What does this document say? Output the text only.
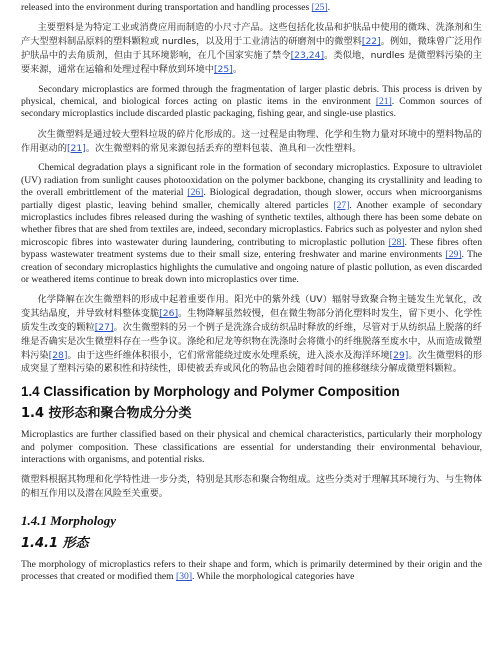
released into the environment during transportation and handling processes [25].

主要塑料是为特定工业或消费应用而制造的小尺寸产品。这些包括化妆品和护肤品中使用的微珠、洗涤剂和生产大型塑料制品原料的塑料颗粒或 nurdles，以及用于工业清洁的研磨剂中的微塑料[22]。例如，微珠曾广泛用作护肤品中的去角质剂，但由于其环境影响，在几个国家实施了禁令[23,24]。类似地，nurdles 是微塑料污染的主要来源，通常在运输和处理过程中释放到环境中[25]。

Secondary microplastics are formed through the fragmentation of larger plastic debris. This process is driven by physical, chemical, and biological forces acting on plastic items in the environment [21]. Common sources of secondary microplastics include discarded plastic packaging, fishing gear, and single-use plastics.

次生微塑料是通过较大塑料垃圾的碎片化形成的。这一过程是由物理、化学和生物力量对环境中的塑料物品的作用驱动的[21]。次生微塑料的常见来源包括丢弃的塑料包装、渔具和一次性塑料。

Chemical degradation plays a significant role in the formation of secondary microplastics. Exposure to ultraviolet (UV) radiation from sunlight causes photooxidation on the polymer backbone, changing its crystallinity and leading to the overall embrittlement of the material [26]. Biological degradation, though slower, occurs when microorganisms partially digest plastic, leaving behind smaller, chemically altered particles [27]. Another example of secondary microplastics includes fibres released during the washing of synthetic textiles, although there has been some debate on whether fibres that are shed from textiles are, indeed, secondary microplastics. Fabrics such as polyester and nylon shed microscopic fibres into wastewater during laundering, contributing to microplastic pollution [28]. These fibres often bypass wastewater treatment systems due to their small size, entering freshwater and marine environments [29]. The creation of secondary microplastics highlights the cumulative and ongoing nature of plastic pollution, as even discarded or weathered items continue to break down into microplastics over time.

化学降解在次生微塑料的形成中起着重要作用。阳光中的紫外线（UV）辐射导致聚合物主链发生光氧化，改变其结晶度，并导致材料整体变脆[26]。生物降解虽然较慢，但在微生物部分消化塑料时发生，留下更小、化学性质发生改变的颗粒[27]。次生微塑料的另一个例子是洗涤合成纺织品时释放的纤维，尽管对于从纺织品上脱落的纤维是否确实是次生微塑料存在一些争议。涤纶和尼龙等织物在洗涤时会将微小的纤维脱落至废水中，从而造成微塑料污染[28]。由于这些纤维体积很小，它们常常能绕过废水处理系统，进入淡水及海洋环境[29]。次生微塑料的形成突显了塑料污染的累积性和持续性，即使被丢弃或风化的物品也会随着时间的推移继续分解成微塑料颗粒。

1.4 Classification by Morphology and Polymer Composition
1.4 按形态和聚合物成分分类

Microplastics are further classified based on their physical and chemical characteristics, particularly their morphology and polymer composition. These classifications are essential for understanding their environmental behaviour, interactions with organisms, and potential risks.

微塑料根据其物理和化学特性进一步分类，特别是其形态和聚合物组成。这些分类对于理解其环境行为、与生物体的相互作用以及潜在风险至关重要。

1.4.1 Morphology
1.4.1 形态

The morphology of microplastics refers to their shape and form, which is primarily determined by their origin and the processes that created or modified them [30]. While the morphological categories have
